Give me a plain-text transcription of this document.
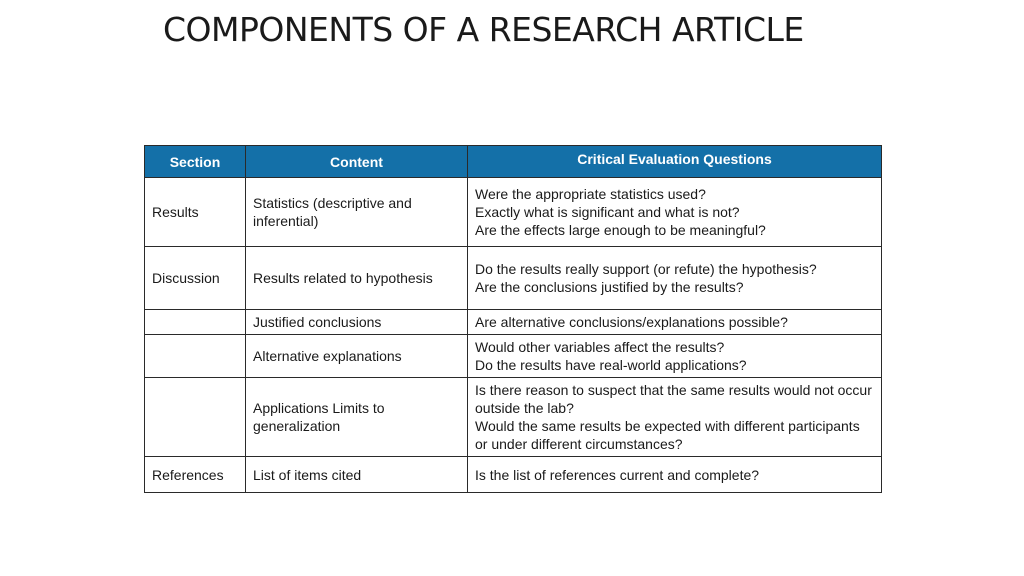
COMPONENTS OF A RESEARCH ARTICLE
Section	Content	Critical Evaluation Questions
Results	Statistics (descriptive and inferential)	Were the appropriate statistics used?
Exactly what is significant and what is not?
Are the effects large enough to be meaningful?

Discussion	Results related to hypothesis	Do the results really support (or refute) the hypothesis?
Are the conclusions justified by the results?

	Justified conclusions	Are alternative conclusions/explanations possible?

	Alternative explanations	Would other variables affect the results?
Do the results have real-world applications?

	Applications Limits to generalization	Is there reason to suspect that the same results would not occur outside the lab?
Would the same results be expected with different participants or under different circumstances?

References	List of items cited	Is the list of references current and complete?
